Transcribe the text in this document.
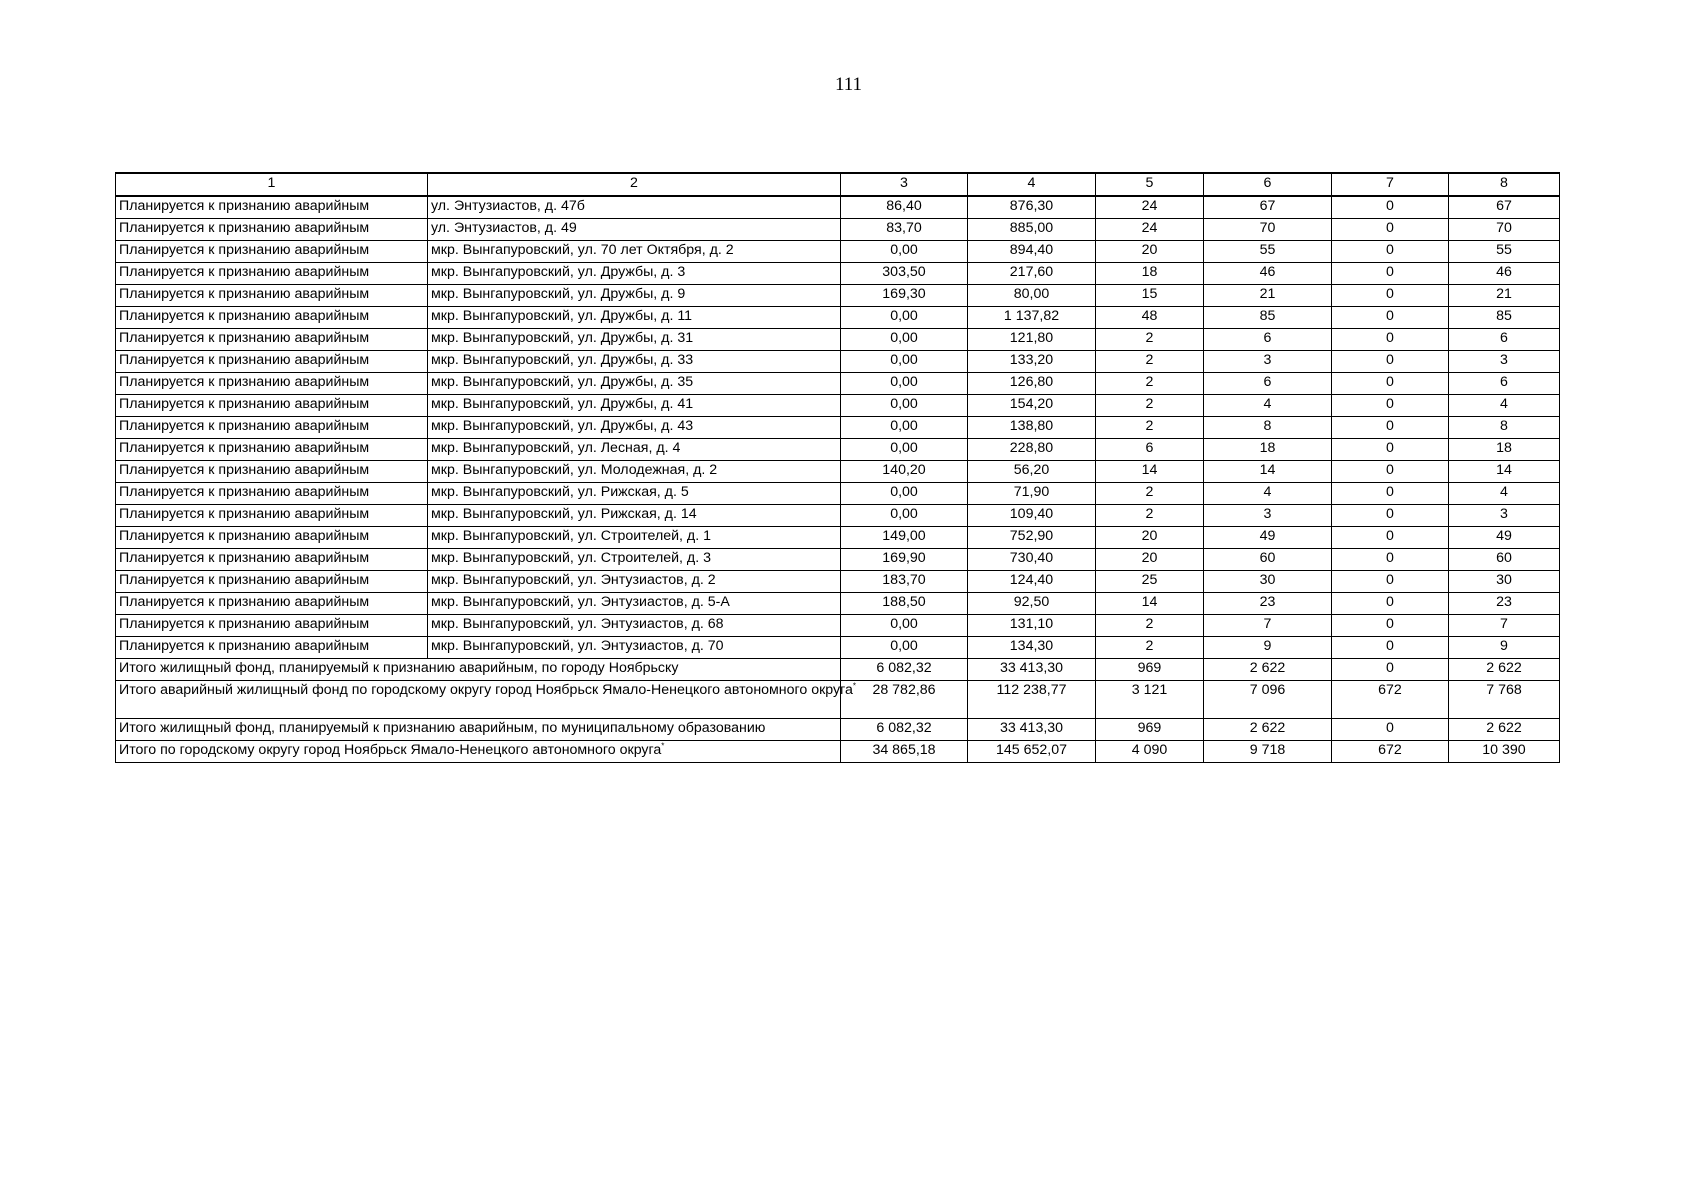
111
1	2	3	4	5	6	7	8
Планируется к признанию аварийным	ул. Энтузиастов, д. 47б	86,40	876,30	24	67	0	67
Планируется к признанию аварийным	ул. Энтузиастов, д. 49	83,70	885,00	24	70	0	70
Планируется к признанию аварийным	мкр. Вынгапуровский, ул. 70 лет Октября, д. 2	0,00	894,40	20	55	0	55
Планируется к признанию аварийным	мкр. Вынгапуровский, ул. Дружбы, д. 3	303,50	217,60	18	46	0	46
Планируется к признанию аварийным	мкр. Вынгапуровский, ул. Дружбы, д. 9	169,30	80,00	15	21	0	21
Планируется к признанию аварийным	мкр. Вынгапуровский, ул. Дружбы, д. 11	0,00	1 137,82	48	85	0	85
Планируется к признанию аварийным	мкр. Вынгапуровский, ул. Дружбы, д. 31	0,00	121,80	2	6	0	6
Планируется к признанию аварийным	мкр. Вынгапуровский, ул. Дружбы, д. 33	0,00	133,20	2	3	0	3
Планируется к признанию аварийным	мкр. Вынгапуровский, ул. Дружбы, д. 35	0,00	126,80	2	6	0	6
Планируется к признанию аварийным	мкр. Вынгапуровский, ул. Дружбы, д. 41	0,00	154,20	2	4	0	4
Планируется к признанию аварийным	мкр. Вынгапуровский, ул. Дружбы, д. 43	0,00	138,80	2	8	0	8
Планируется к признанию аварийным	мкр. Вынгапуровский, ул. Лесная, д. 4	0,00	228,80	6	18	0	18
Планируется к признанию аварийным	мкр. Вынгапуровский, ул. Молодежная, д. 2	140,20	56,20	14	14	0	14
Планируется к признанию аварийным	мкр. Вынгапуровский, ул. Рижская, д. 5	0,00	71,90	2	4	0	4
Планируется к признанию аварийным	мкр. Вынгапуровский, ул. Рижская, д. 14	0,00	109,40	2	3	0	3
Планируется к признанию аварийным	мкр. Вынгапуровский, ул. Строителей, д. 1	149,00	752,90	20	49	0	49
Планируется к признанию аварийным	мкр. Вынгапуровский, ул. Строителей, д. 3	169,90	730,40	20	60	0	60
Планируется к признанию аварийным	мкр. Вынгапуровский, ул. Энтузиастов, д. 2	183,70	124,40	25	30	0	30
Планируется к признанию аварийным	мкр. Вынгапуровский, ул. Энтузиастов, д. 5-А	188,50	92,50	14	23	0	23
Планируется к признанию аварийным	мкр. Вынгапуровский, ул. Энтузиастов, д. 68	0,00	131,10	2	7	0	7
Планируется к признанию аварийным	мкр. Вынгапуровский, ул. Энтузиастов, д. 70	0,00	134,30	2	9	0	9
Итого жилищный фонд, планируемый к признанию аварийным, по городу Ноябрьску		6 082,32	33 413,30	969	2 622	0	2 622
Итого аварийный жилищный фонд по городскому округу город Ноябрьск Ямало-Ненецкого автономного округа*		28 782,86	112 238,77	3 121	7 096	672	7 768
Итого жилищный фонд, планируемый к признанию аварийным, по муниципальному образованию		6 082,32	33 413,30	969	2 622	0	2 622
Итого по городскому округу город Ноябрьск Ямало-Ненецкого автономного округа*		34 865,18	145 652,07	4 090	9 718	672	10 390
